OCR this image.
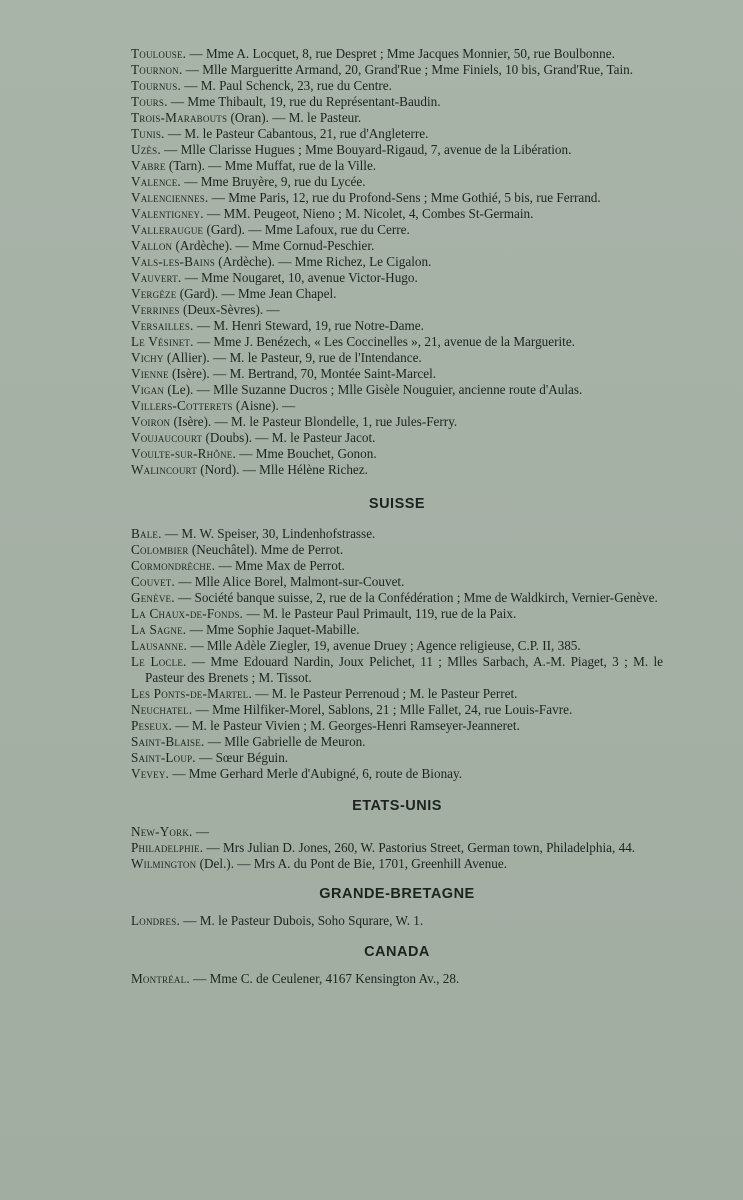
Toulouse. — Mme A. Locquet, 8, rue Despret ; Mme Jacques Monnier, 50, rue Boulbonne.

Tournon. — Mlle Margueritte Armand, 20, Grand'Rue ; Mme Finiels, 10 bis, Grand'Rue, Tain.

Tournus. — M. Paul Schenck, 23, rue du Centre.

Tours. — Mme Thibault, 19, rue du Représentant-Baudin.

Trois-Marabouts (Oran). — M. le Pasteur.

Tunis. — M. le Pasteur Cabantous, 21, rue d'Angleterre.

Uzès. — Mlle Clarisse Hugues ; Mme Bouyard-Rigaud, 7, avenue de la Libération.

Vabre (Tarn). — Mme Muffat, rue de la Ville.

Valence. — Mme Bruyère, 9, rue du Lycée.

Valenciennes. — Mme Paris, 12, rue du Profond-Sens ; Mme Gothié, 5 bis, rue Ferrand.

Valentigney. — MM. Peugeot, Nieno ; M. Nicolet, 4, Combes St-Germain.

Valleraugue (Gard). — Mme Lafoux, rue du Cerre.

Vallon (Ardèche). — Mme Cornud-Peschier.

Vals-les-Bains (Ardèche). — Mme Richez, Le Cigalon.

Vauvert. — Mme Nougaret, 10, avenue Victor-Hugo.

Vergèze (Gard). — Mme Jean Chapel.

Verrines (Deux-Sèvres). —

Versailles. — M. Henri Steward, 19, rue Notre-Dame.

Le Vésinet. — Mme J. Benézech, « Les Coccinelles », 21, avenue de la Marguerite.

Vichy (Allier). — M. le Pasteur, 9, rue de l'Intendance.

Vienne (Isère). — M. Bertrand, 70, Montée Saint-Marcel.

Vigan (Le). — Mlle Suzanne Ducros ; Mlle Gisèle Nouguier, ancienne route d'Aulas.

Villers-Cotterets (Aisne). —

Voiron (Isère). — M. le Pasteur Blondelle, 1, rue Jules-Ferry.

Voujaucourt (Doubs). — M. le Pasteur Jacot.

Voulte-sur-Rhône. — Mme Bouchet, Gonon.

Walincourt (Nord). — Mlle Hélène Richez.

SUISSE

Bale. — M. W. Speiser, 30, Lindenhofstrasse.

Colombier (Neuchâtel). Mme de Perrot.

Cormondrèche. — Mme Max de Perrot.

Couvet. — Mlle Alice Borel, Malmont-sur-Couvet.

Genève. — Société banque suisse, 2, rue de la Confédération ; Mme de Waldkirch, Vernier-Genève.

La Chaux-de-Fonds. — M. le Pasteur Paul Primault, 119, rue de la Paix.

La Sagne. — Mme Sophie Jaquet-Mabille.

Lausanne. — Mlle Adèle Ziegler, 19, avenue Druey ; Agence religieuse, C.P. II, 385.

Le Locle. — Mme Edouard Nardin, Joux Pelichet, 11 ; Mlles Sarbach, A.-M. Piaget, 3 ; M. le Pasteur des Brenets ; M. Tissot.

Les Ponts-de-Martel. — M. le Pasteur Perrenoud ; M. le Pasteur Perret.

Neuchatel. — Mme Hilfiker-Morel, Sablons, 21 ; Mlle Fallet, 24, rue Louis-Favre.

Peseux. — M. le Pasteur Vivien ; M. Georges-Henri Ramseyer-Jeanneret.

Saint-Blaise. — Mlle Gabrielle de Meuron.

Saint-Loup. — Sœur Béguin.

Vevey. — Mme Gerhard Merle d'Aubigné, 6, route de Bionay.

ETATS-UNIS

New-York. —

Philadelphie. — Mrs Julian D. Jones, 260, W. Pastorius Street, German town, Philadelphia, 44.

Wilmington (Del.). — Mrs A. du Pont de Bie, 1701, Greenhill Avenue.

GRANDE-BRETAGNE

Londres. — M. le Pasteur Dubois, Soho Squrare, W. 1.

CANADA

Montréal. — Mme C. de Ceulener, 4167 Kensington Av., 28.
